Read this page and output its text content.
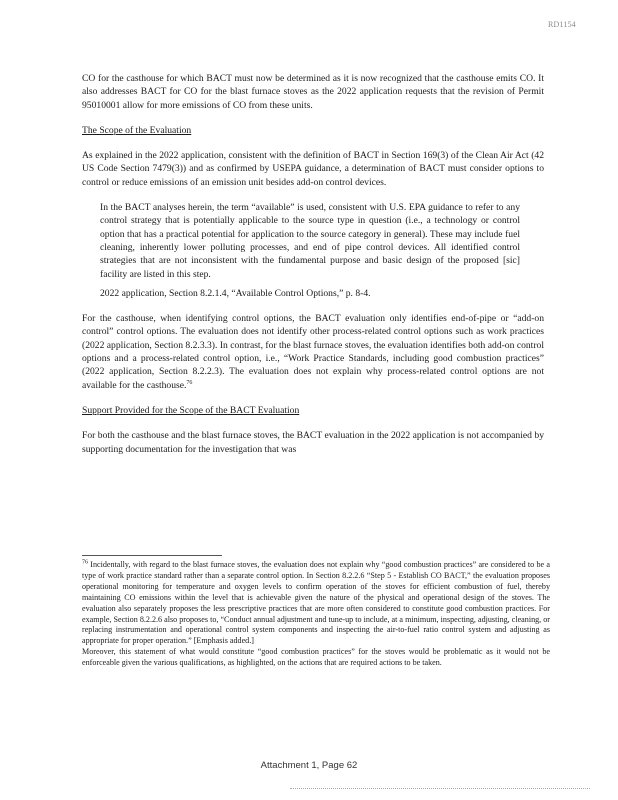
RD1154

CO for the casthouse for which BACT must now be determined as it is now recognized that the casthouse emits CO. It also addresses BACT for CO for the blast furnace stoves as the 2022 application requests that the revision of Permit 95010001 allow for more emissions of CO from these units.

The Scope of the Evaluation

As explained in the 2022 application, consistent with the definition of BACT in Section 169(3) of the Clean Air Act (42 US Code Section 7479(3)) and as confirmed by USEPA guidance, a determination of BACT must consider options to control or reduce emissions of an emission unit besides add-on control devices.

In the BACT analyses herein, the term “available” is used, consistent with U.S. EPA guidance to refer to any control strategy that is potentially applicable to the source type in question (i.e., a technology or control option that has a practical potential for application to the source category in general). These may include fuel cleaning, inherently lower polluting processes, and end of pipe control devices. All identified control strategies that are not inconsistent with the fundamental purpose and basic design of the proposed [sic] facility are listed in this step.

2022 application, Section 8.2.1.4, “Available Control Options,” p. 8-4.

For the casthouse, when identifying control options, the BACT evaluation only identifies end-of-pipe or “add-on control” control options. The evaluation does not identify other process-related control options such as work practices (2022 application, Section 8.2.3.3). In contrast, for the blast furnace stoves, the evaluation identifies both add-on control options and a process-related control option, i.e., “Work Practice Standards, including good combustion practices” (2022 application, Section 8.2.2.3). The evaluation does not explain why process-related control options are not available for the casthouse.$^{76}$

Support Provided for the Scope of the BACT Evaluation

For both the casthouse and the blast furnace stoves, the BACT evaluation in the 2022 application is not accompanied by supporting documentation for the investigation that was

$^{76}$ Incidentally, with regard to the blast furnace stoves, the evaluation does not explain why “good combustion practices” are considered to be a type of work practice standard rather than a separate control option. In Section 8.2.2.6 “Step 5 - Establish CO BACT,” the evaluation proposes operational monitoring for temperature and oxygen levels to confirm operation of the stoves for efficient combustion of fuel, thereby maintaining CO emissions within the level that is achievable given the nature of the physical and operational design of the stoves. The evaluation also separately proposes the less prescriptive practices that are more often considered to constitute good combustion practices. For example, Section 8.2.2.6 also proposes to, “Conduct annual adjustment and tune-up to include, at a minimum, inspecting, adjusting, cleaning, or replacing instrumentation and operational control system components and inspecting the air-to-fuel ratio control system and adjusting as appropriate for proper operation.” [Emphasis added.]

Moreover, this statement of what would constitute “good combustion practices” for the stoves would be problematic as it would not be enforceable given the various qualifications, as highlighted, on the actions that are required actions to be taken.

Attachment 1, Page 62
